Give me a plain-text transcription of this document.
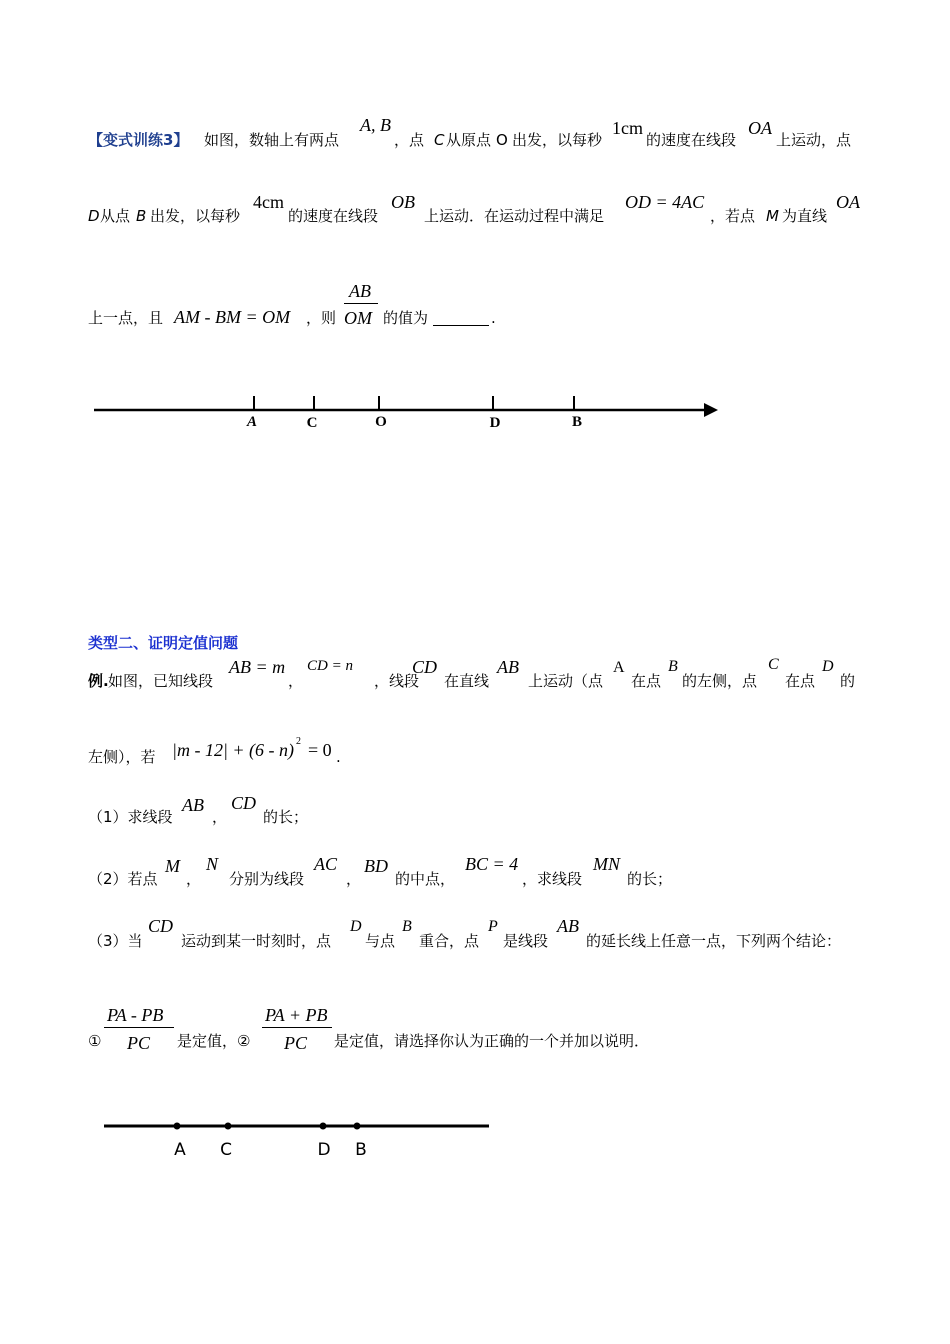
【变式训练3】 如图，数轴上有两点
A, B
，点 C 从原点 O 出发，以每秒
1cm
的速度在线段
OA
上运动，点
D 从点 B 出发，以每秒
4cm
的速度在线段
OB
上运动．在运动过程中满足
OD = 4AC
，若点 M 为直线
OA
上一点，且 AM - BM = OM ，则
AB
OM 的值为	.
A	C	O	D	B
类型二、证明定值问题
例. 如图，已知线段
AB = m
，
CD = n
，线段
CD
在直线
AB
上运动（点
A
在点
B
的左侧，点
C
在点
D
的
左侧），若 |m - 12| + (6 - n) 2 = 0 .
（1）求线段
AB
，
CD
的长；
（2）若点
M
，
N
分别为线段
AC
，
BD
的中点，
BC = 4
，求线段
MN
的长；
（3）当
CD
运动到某一时刻时，点
D
与点
B
重合，点
P
是线段
AB
的延长线上任意一点，下列两个结论：
①
PA - PB
PC 是定值，②
PA + PB
PC 是定值，请选择你认为正确的一个并加以说明．
A C	D B
